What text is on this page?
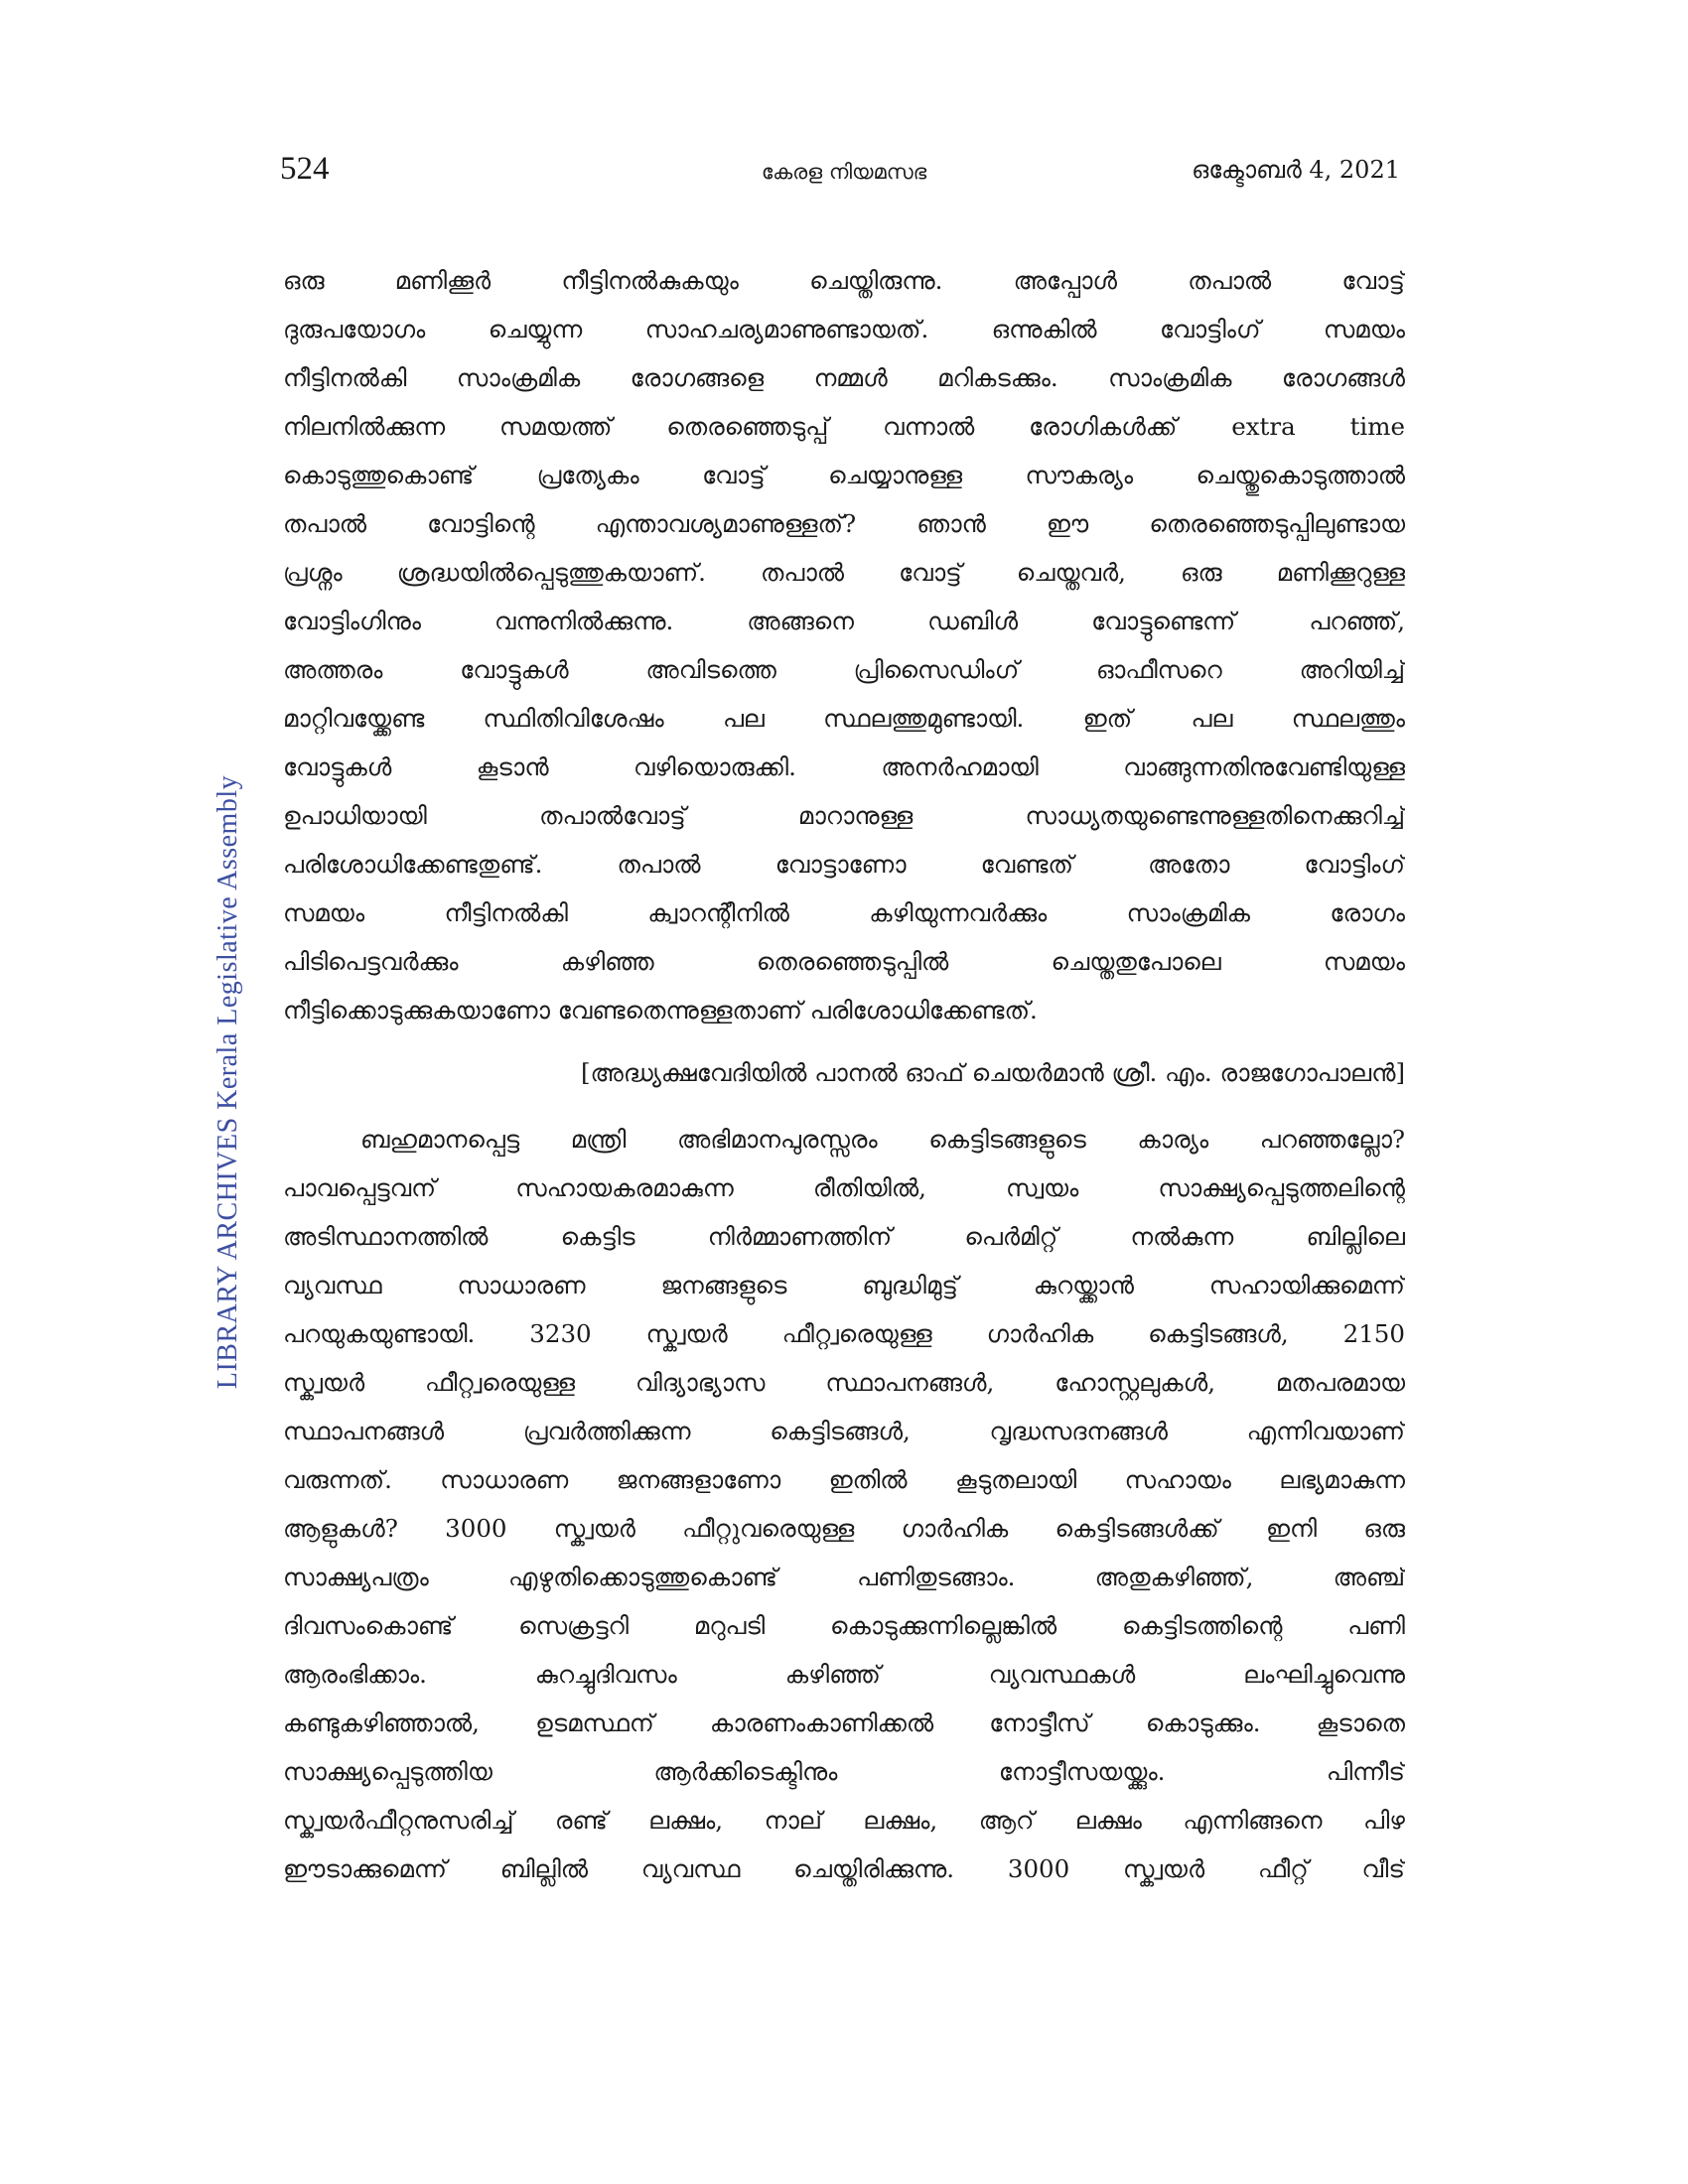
524	കേരള നിയമസഭ	ഒക്ടോബർ 4, 2021
LIBRARY ARCHIVES Kerala Legislative Assembly
ഒരു മണിക്കൂർ നീട്ടിനൽകുകയും ചെയ്തിരുന്നു. അപ്പോൾ തപാൽ വോട്ട്
ദുരുപയോഗം ചെയ്യുന്ന സാഹചര്യമാണുണ്ടായത്. ഒന്നുകിൽ വോട്ടിംഗ് സമയം
നീട്ടിനൽകി സാംക്രമിക രോഗങ്ങളെ നമ്മൾ മറികടക്കും. സാംക്രമിക രോഗങ്ങൾ
നിലനിൽക്കുന്ന സമയത്ത് തെരഞ്ഞെടുപ്പ് വന്നാൽ രോഗികൾക്ക് extra time
കൊടുത്തുകൊണ്ട് പ്രത്യേകം വോട്ട് ചെയ്യാനുള്ള സൗകര്യം ചെയ്തുകൊടുത്താൽ
തപാൽ വോട്ടിന്റെ എന്താവശ്യമാണുള്ളത്? ഞാൻ ഈ തെരഞ്ഞെടുപ്പിലുണ്ടായ
പ്രശ്നം ശ്രദ്ധയിൽപ്പെടുത്തുകയാണ്. തപാൽ വോട്ട് ചെയ്തവർ, ഒരു മണിക്കൂറുള്ള
വോട്ടിംഗിനും വന്നുനിൽക്കുന്നു. അങ്ങനെ ഡബിൾ വോട്ടുണ്ടെന്ന് പറഞ്ഞ്,
അത്തരം വോട്ടുകൾ അവിടത്തെ പ്രിസൈഡിംഗ് ഓഫീസറെ അറിയിച്ച്
മാറ്റിവയ്ക്കേണ്ട സ്ഥിതിവിശേഷം പല സ്ഥലത്തുമുണ്ടായി. ഇത് പല സ്ഥലത്തും
വോട്ടുകൾ കൂടാൻ വഴിയൊരുക്കി. അനർഹമായി വാങ്ങുന്നതിനുവേണ്ടിയുള്ള
ഉപാധിയായി തപാൽവോട്ട് മാറാനുള്ള സാധ്യതയുണ്ടെന്നുള്ളതിനെക്കുറിച്ച്
പരിശോധിക്കേണ്ടതുണ്ട്. തപാൽ വോട്ടാണോ വേണ്ടത് അതോ വോട്ടിംഗ്
സമയം നീട്ടിനൽകി ക്വാറന്റീനിൽ കഴിയുന്നവർക്കും സാംക്രമിക രോഗം
പിടിപെട്ടവർക്കും കഴിഞ്ഞ തെരഞ്ഞെടുപ്പിൽ ചെയ്തതുപോലെ സമയം
നീട്ടിക്കൊടുക്കുകയാണോ വേണ്ടതെന്നുള്ളതാണ് പരിശോധിക്കേണ്ടത്.
[അദ്ധ്യക്ഷവേദിയിൽ പാനൽ ഓഫ് ചെയർമാൻ ശ്രീ. എം. രാജഗോപാലൻ]
ബഹുമാനപ്പെട്ട മന്ത്രി അഭിമാനപുരസ്സരം കെട്ടിടങ്ങളുടെ കാര്യം പറഞ്ഞല്ലോ?
പാവപ്പെട്ടവന് സഹായകരമാകുന്ന രീതിയിൽ, സ്വയം സാക്ഷ്യപ്പെടുത്തലിന്റെ
അടിസ്ഥാനത്തിൽ കെട്ടിട നിർമ്മാണത്തിന് പെർമിറ്റ് നൽകുന്ന ബില്ലിലെ
വ്യവസ്ഥ സാധാരണ ജനങ്ങളുടെ ബുദ്ധിമുട്ട് കുറയ്ക്കാൻ സഹായിക്കുമെന്ന്
പറയുകയുണ്ടായി. 3230 സ്ക്വയർ ഫീറ്റ്വരെയുള്ള ഗാർഹിക കെട്ടിടങ്ങൾ, 2150
സ്ക്വയർ ഫീറ്റ്വരെയുള്ള വിദ്യാഭ്യാസ സ്ഥാപനങ്ങൾ, ഹോസ്റ്റലുകൾ, മതപരമായ
സ്ഥാപനങ്ങൾ പ്രവർത്തിക്കുന്ന കെട്ടിടങ്ങൾ, വൃദ്ധസദനങ്ങൾ എന്നിവയാണ്
വരുന്നത്. സാധാരണ ജനങ്ങളാണോ ഇതിൽ കൂടുതലായി സഹായം ലഭ്യമാകുന്ന
ആളുകൾ? 3000 സ്ക്വയർ ഫീറ്റുവരെയുള്ള ഗാർഹിക കെട്ടിടങ്ങൾക്ക് ഇനി ഒരു
സാക്ഷ്യപത്രം എഴുതിക്കൊടുത്തുകൊണ്ട് പണിതുടങ്ങാം. അതുകഴിഞ്ഞ്, അഞ്ച്
ദിവസംകൊണ്ട് സെക്രട്ടറി മറുപടി കൊടുക്കുന്നില്ലെങ്കിൽ കെട്ടിടത്തിന്റെ പണി
ആരംഭിക്കാം. കുറച്ചുദിവസം കഴിഞ്ഞ് വ്യവസ്ഥകൾ ലംഘിച്ചുവെന്നു
കണ്ടുകഴിഞ്ഞാൽ, ഉടമസ്ഥന് കാരണംകാണിക്കൽ നോട്ടീസ് കൊടുക്കും. കൂടാതെ
സാക്ഷ്യപ്പെടുത്തിയ ആർക്കിടെക്ടിനും നോട്ടീസയയ്ക്കും. പിന്നീട്
സ്ക്വയർഫീറ്റനുസരിച്ച് രണ്ട് ലക്ഷം, നാല് ലക്ഷം, ആറ് ലക്ഷം എന്നിങ്ങനെ പിഴ
ഈടാക്കുമെന്ന് ബില്ലിൽ വ്യവസ്ഥ ചെയ്തിരിക്കുന്നു. 3000 സ്ക്വയർ ഫീറ്റ് വീട്
